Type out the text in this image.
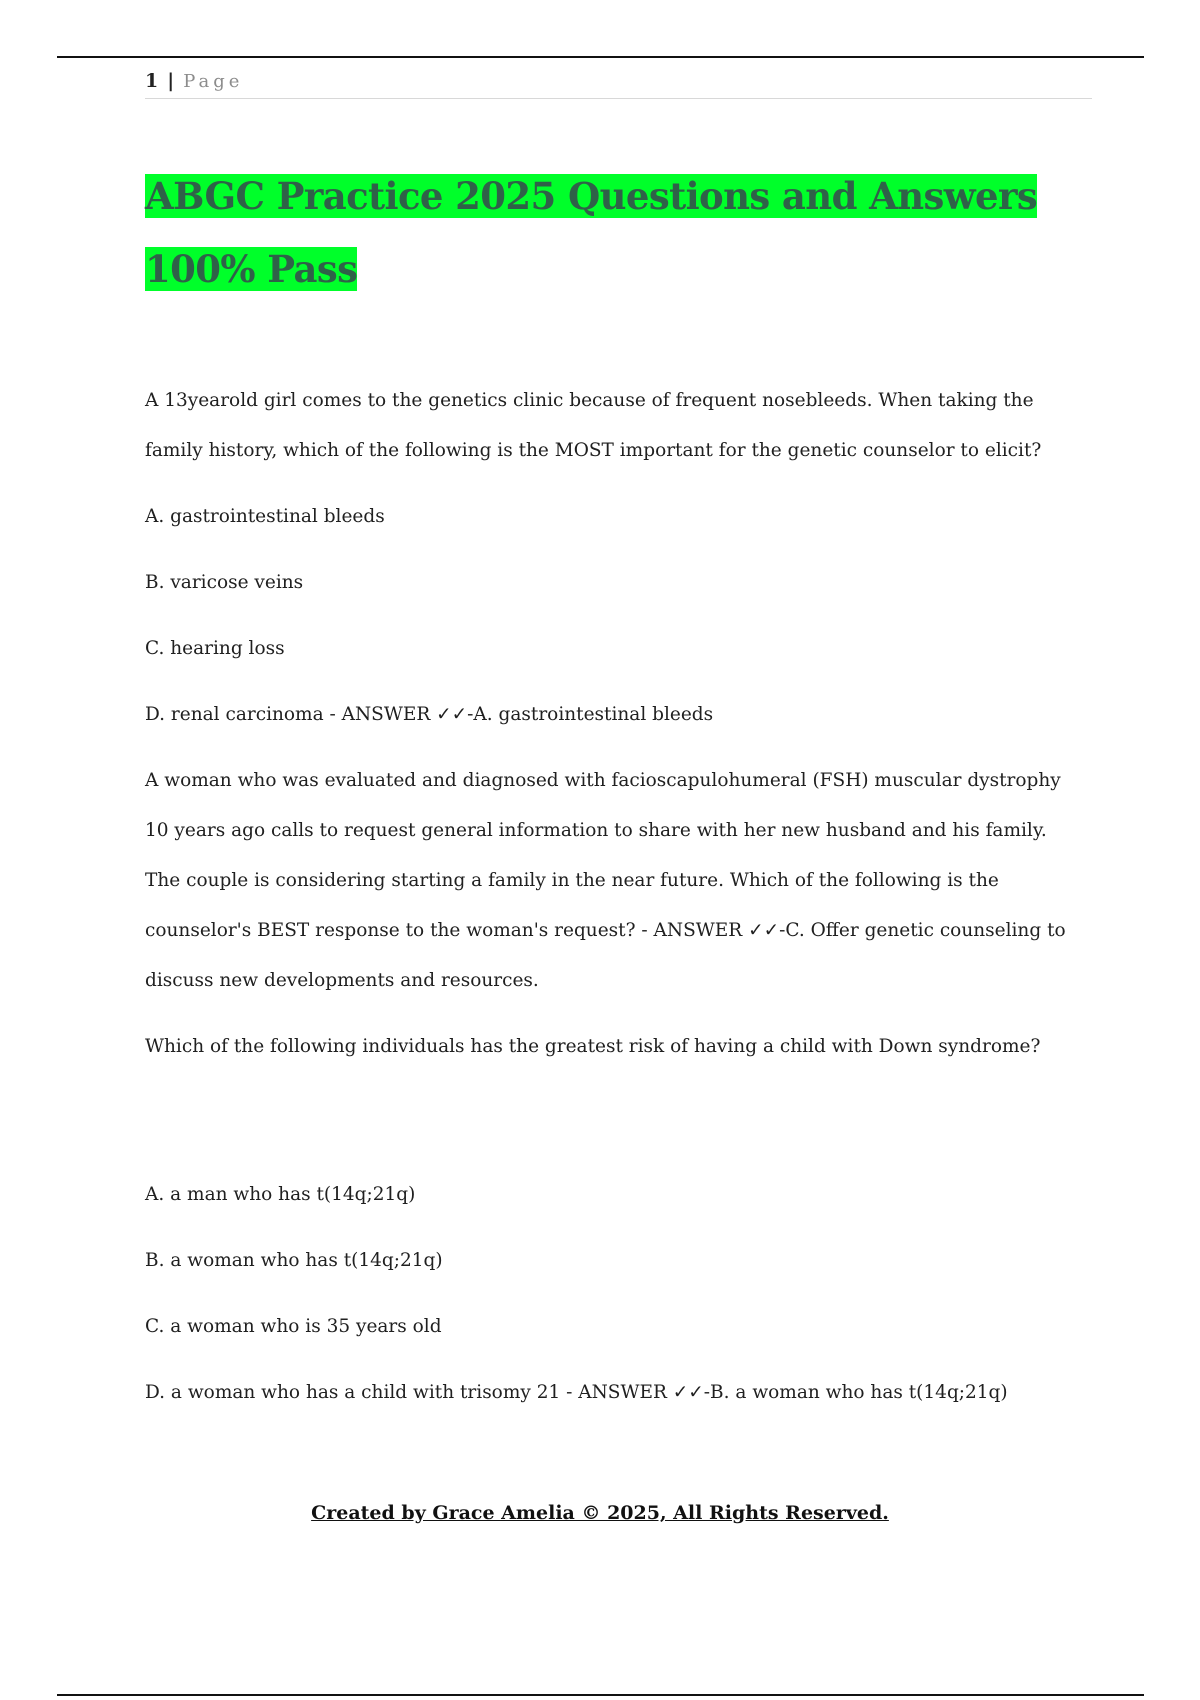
1 | Page
ABGC Practice 2025 Questions and Answers 100% Pass

A 13yearold girl comes to the genetics clinic because of frequent nosebleeds. When taking the family history, which of the following is the MOST important for the genetic counselor to elicit?

A. gastrointestinal bleeds

B. varicose veins

C. hearing loss

D. renal carcinoma - ANSWER ✓✓-A. gastrointestinal bleeds

A woman who was evaluated and diagnosed with facioscapulohumeral (FSH) muscular dystrophy 10 years ago calls to request general information to share with her new husband and his family. The couple is considering starting a family in the near future. Which of the following is the counselor's BEST response to the woman's request? - ANSWER ✓✓-C. Offer genetic counseling to discuss new developments and resources.

Which of the following individuals has the greatest risk of having a child with Down syndrome?

A. a man who has t(14q;21q)

B. a woman who has t(14q;21q)

C. a woman who is 35 years old

D. a woman who has a child with trisomy 21 - ANSWER ✓✓-B. a woman who has t(14q;21q)

Created by Grace Amelia © 2025, All Rights Reserved.
